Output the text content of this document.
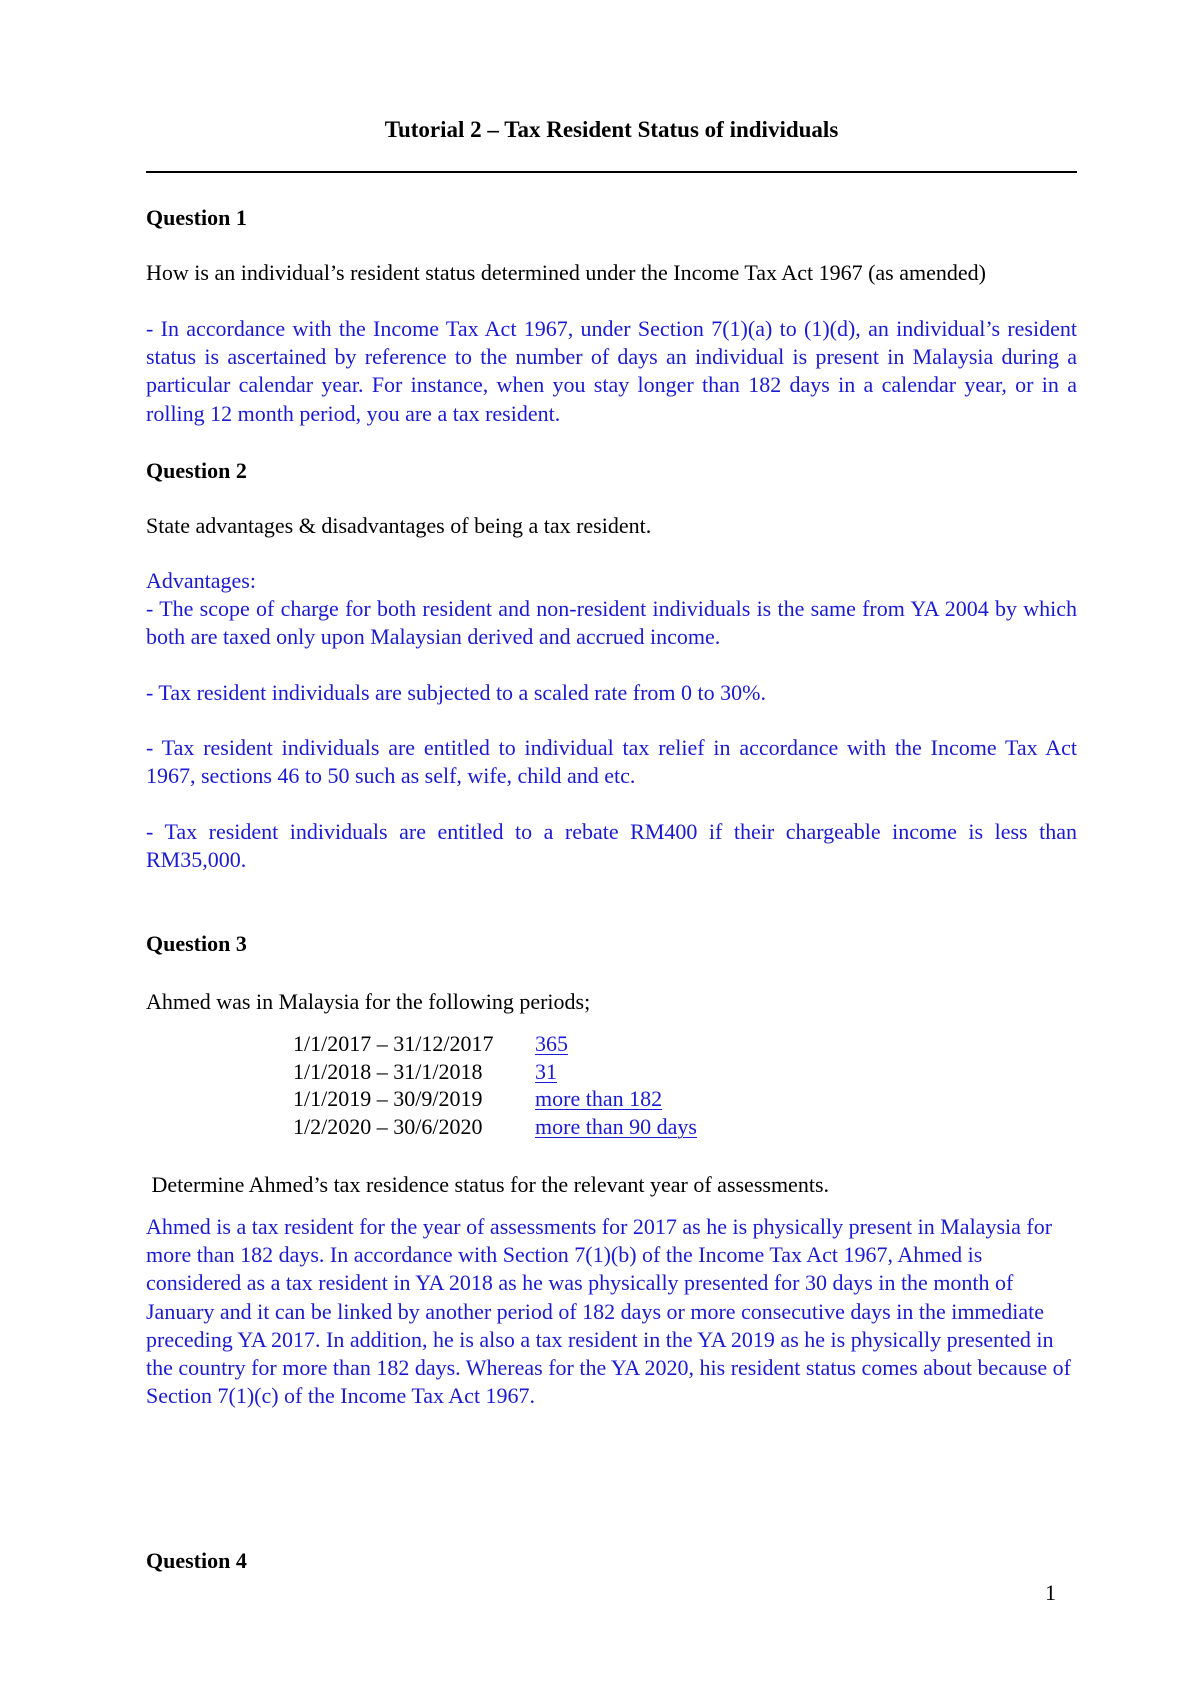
Tutorial 2 – Tax Resident Status of individuals
Question 1
How is an individual’s resident status determined under the Income Tax Act 1967 (as amended)
- In accordance with the Income Tax Act 1967, under Section 7(1)(a) to (1)(d), an individual’s resident status is ascertained by reference to the number of days an individual is present in Malaysia during a particular calendar year. For instance, when you stay longer than 182 days in a calendar year, or in a rolling 12 month period, you are a tax resident.
Question 2
State advantages & disadvantages of being a tax resident.
Advantages:
- The scope of charge for both resident and non-resident individuals is the same from YA 2004 by which both are taxed only upon Malaysian derived and accrued income.
- Tax resident individuals are subjected to a scaled rate from 0 to 30%.
- Tax resident individuals are entitled to individual tax relief in accordance with the Income Tax Act 1967, sections 46 to 50 such as self, wife, child and etc.
- Tax resident individuals are entitled to a rebate RM400 if their chargeable income is less than RM35,000.
Question 3
Ahmed was in Malaysia for the following periods;
1/1/2017 – 31/12/2017	365
1/1/2018 – 31/1/2018	31
1/1/2019 – 30/9/2019	more than 182
1/2/2020 – 30/6/2020	more than 90 days
Determine Ahmed’s tax residence status for the relevant year of assessments.
Ahmed is a tax resident for the year of assessments for 2017 as he is physically present in Malaysia for more than 182 days. In accordance with Section 7(1)(b) of the Income Tax Act 1967, Ahmed is considered as a tax resident in YA 2018 as he was physically presented for 30 days in the month of January and it can be linked by another period of 182 days or more consecutive days in the immediate preceding YA 2017. In addition, he is also a tax resident in the YA 2019 as he is physically presented in the country for more than 182 days. Whereas for the YA 2020, his resident status comes about because of Section 7(1)(c) of the Income Tax Act 1967.
Question 4
1
